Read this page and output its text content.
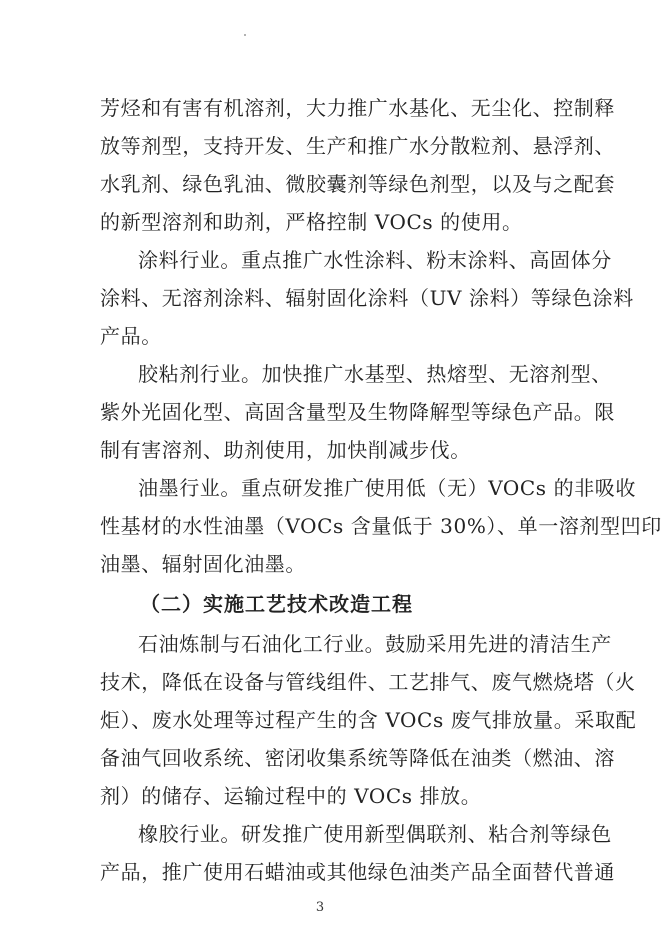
芳烃和有害有机溶剂，大力推广水基化、无尘化、控制释
放等剂型，支持开发、生产和推广水分散粒剂、悬浮剂、
水乳剂、绿色乳油、微胶囊剂等绿色剂型，以及与之配套
的新型溶剂和助剂，严格控制 VOCs 的使用。
涂料行业。重点推广水性涂料、粉末涂料、高固体分
涂料、无溶剂涂料、辐射固化涂料（UV 涂料）等绿色涂料
产品。
胶粘剂行业。加快推广水基型、热熔型、无溶剂型、
紫外光固化型、高固含量型及生物降解型等绿色产品。限
制有害溶剂、助剂使用，加快削减步伐。
油墨行业。重点研发推广使用低（无）VOCs 的非吸收
性基材的水性油墨（VOCs 含量低于 30%）、单一溶剂型凹印
油墨、辐射固化油墨。
（二）实施工艺技术改造工程
石油炼制与石油化工行业。鼓励采用先进的清洁生产
技术，降低在设备与管线组件、工艺排气、废气燃烧塔（火
炬）、废水处理等过程产生的含 VOCs 废气排放量。采取配
备油气回收系统、密闭收集系统等降低在油类（燃油、溶
剂）的储存、运输过程中的 VOCs 排放。
橡胶行业。研发推广使用新型偶联剂、粘合剂等绿色
产品，推广使用石蜡油或其他绿色油类产品全面替代普通
3
